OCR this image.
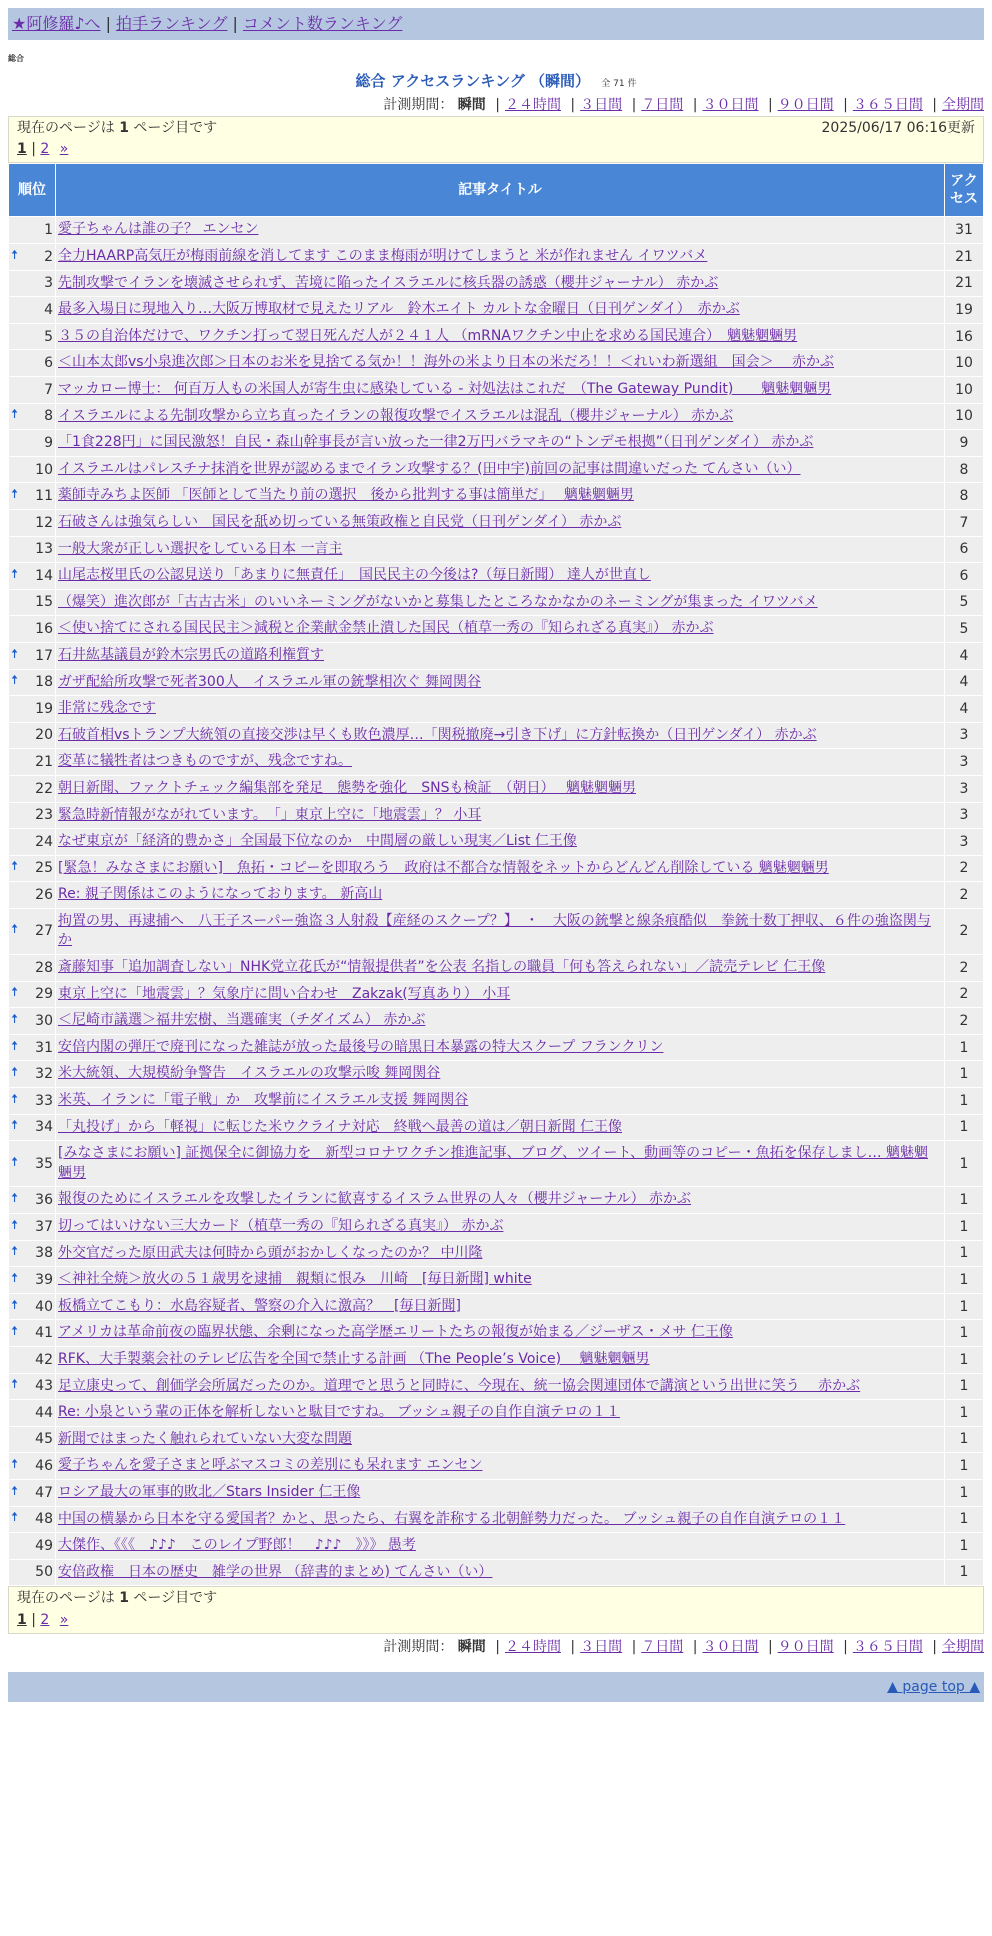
★阿修羅♪へ | 拍手ランキング | コメント数ランキング
総合
総合 アクセスランキング （瞬間） 全 71 件
計測期間： 瞬間 | ２４時間 | ３日間 | ７日間 | ３０日間 | ９０日間 | ３６５日間 | 全期間
現在のページは 1 ページ目です	2025/06/17 06:16更新
1 | 2 »
順位	記事タイトル	アクセス
1	愛子ちゃんは誰の子？ エンセン	31

🠅 2	全力HAARP高気圧が梅雨前線を消してます このまま梅雨が明けてしまうと 米が作れません イワツバメ	21
3	先制攻撃でイランを壊滅させられず、苦境に陥ったイスラエルに核兵器の誘惑（櫻井ジャーナル） 赤かぶ	21
4	最多入場日に現地入り…大阪万博取材で見えたリアル　鈴木エイト カルトな金曜日（日刊ゲンダイ）　赤かぶ	19
5	３５の自治体だけで、ワクチン打って翌日死んだ人が２４１人 （mRNAワクチン中止を求める国民連合）　魑魅魍魎男	16
6	＜山本太郎vs小泉進次郎＞日本のお米を見捨てる気か！！海外の米より日本の米だろ！！＜れいわ新選組　国会＞　 赤かぶ	10
7	マッカロー博士： 何百万人もの米国人が寄生虫に感染している - 対処法はこれだ　（The Gateway Pundit)　　魑魅魍魎男	10

🠅 8	イスラエルによる先制攻撃から立ち直ったイランの報復攻撃でイスラエルは混乱（櫻井ジャーナル） 赤かぶ	10
9	「1食228円」に国民激怒！自民・森山幹事長が言い放った一律2万円バラマキの“トンデモ根拠”（日刊ゲンダイ） 赤かぶ	9
10	イスラエルはパレスチナ抹消を世界が認めるまでイラン攻撃する？(田中宇)前回の記事は間違いだった てんさい（い）	8

🠅 11	薬師寺みちよ医師 「医師として当たり前の選択　後から批判する事は簡単だ」　 魑魅魍魎男	8
12	石破さんは強気らしい　国民を舐め切っている無策政権と自民党（日刊ゲンダイ） 赤かぶ	7
13	一般大衆が正しい選択をしている日本 一言主	6

🠅 14	山尾志桜里氏の公認見送り「あまりに無責任」　国民民主の今後は?（毎日新聞） 達人が世直し	6
15	（爆笑）進次郎が「古古古米」のいいネーミングがないかと募集したところなかなかのネーミングが集まった イワツバメ	5
16	＜使い捨てにされる国民民主＞減税と企業献金禁止潰した国民（植草一秀の『知られざる真実』） 赤かぶ	5

🠅 17	石井紘基議員が鈴木宗男氏の道路利権質す	4

🠅 18	ガザ配給所攻撃で死者300人　イスラエル軍の銃撃相次ぐ 舞岡関谷	4
19	非常に残念です	4
20	石破首相vsトランプ大統領の直接交渉は早くも敗色濃厚…「関税撤廃→引き下げ」に方針転換か（日刊ゲンダイ） 赤かぶ	3
21	変革に犠牲者はつきものですが、残念ですね。	3
22	朝日新聞、ファクトチェック編集部を発足　態勢を強化　SNSも検証　（朝日）　 魑魅魍魎男	3
23	緊急時新情報がながれています。　「」東京上空に「地震雲」？ 小耳	3
24	なぜ東京が「経済的豊かさ」全国最下位なのか　中間層の厳しい現実／List 仁王像	3

🠅 25	[緊急！みなさまにお願い]　魚拓・コピーを即取ろう　政府は不都合な情報をネットからどんどん削除している 魑魅魍魎男	2
26	Re: 親子関係はこのようになっております。 新高山	2

🠅 27	拘置の男、再逮捕へ　八王子スーパー強盗３人射殺【産経のスクープ？】　・　大阪の銃撃と線条痕酷似　拳銃十数丁押収、６件の強盗関与か	2
28	斎藤知事「追加調査しない」NHK党立花氏が“情報提供者”を公表 名指しの職員「何も答えられない」／読売テレビ 仁王像	2

🠅 29	東京上空に「地震雲」？気象庁に問い合わせ　Zakzak(写真あり） 小耳	2

🠅 30	＜尼崎市議選＞福井宏樹、当選確実（チダイズム） 赤かぶ	2

🠅 31	安倍内閣の弾圧で廃刊になった雑誌が放った最後号の暗黒日本暴露の特大スクープ フランクリン	1

🠅 32	米大統領、大規模紛争警告　イスラエルの攻撃示唆 舞岡関谷	1

🠅 33	米英、イランに「電子戦」か　攻撃前にイスラエル支援 舞岡関谷	1

🠅 34	「丸投げ」から「軽視」に転じた米ウクライナ対応　終戦へ最善の道は／朝日新聞 仁王像	1

🠅 35	[みなさまにお願い] 証拠保全に御協力を　新型コロナワクチン推進記事、ブログ、ツイート、動画等のコピー・魚拓を保存しまし… 魑魅魍魎男	1

🠅 36	報復のためにイスラエルを攻撃したイランに歓喜するイスラム世界の人々（櫻井ジャーナル） 赤かぶ	1

🠅 37	切ってはいけない三大カード（植草一秀の『知られざる真実』） 赤かぶ	1

🠅 38	外交官だった原田武夫は何時から頭がおかしくなったのか？ 中川隆	1

🠅 39	＜神社全焼＞放火の５１歳男を逮捕　親類に恨み　川崎　[毎日新聞] white	1

🠅 40	板橋立てこもり：水島容疑者、警察の介入に激高？　[毎日新聞]	1

🠅 41	アメリカは革命前夜の臨界状態、余剰になった高学歴エリートたちの報復が始まる／ジーザス・メサ 仁王像	1
42	RFK、大手製薬会社のテレビ広告を全国で禁止する計画 （The People’s Voice)　 魑魅魍魎男	1

🠅 43	足立康史って、創価学会所属だったのか。道理でと思うと同時に、今現在、統一協会関連団体で講演という出世に笑う　 赤かぶ	1
44	Re: 小泉という輩の正体を解析しないと駄目ですね。 ブッシュ親子の自作自演テロの１１	1
45	新聞ではまったく触れられていない大変な問題	1

🠅 46	愛子ちゃんを愛子さまと呼ぶマスコミの差別にも呆れます エンセン	1

🠅 47	ロシア最大の軍事的敗北／Stars Insider 仁王像	1

🠅 48	中国の横暴から日本を守る愛国者？かと、思ったら、右翼を詐称する北朝鮮勢力だった。 ブッシュ親子の自作自演テロの１１	1
49	大傑作、《《《　♪♪♪　このレイプ野郎！　♪♪♪　》》》 愚考	1
50	安倍政権　日本の歴史　雑学の世界 （辞書的まとめ) てんさい（い）	1
現在のページは 1 ページ目です
1 | 2 »
計測期間： 瞬間 | ２４時間 | ３日間 | ７日間 | ３０日間 | ９０日間 | ３６５日間 | 全期間
▲ page top ▲
